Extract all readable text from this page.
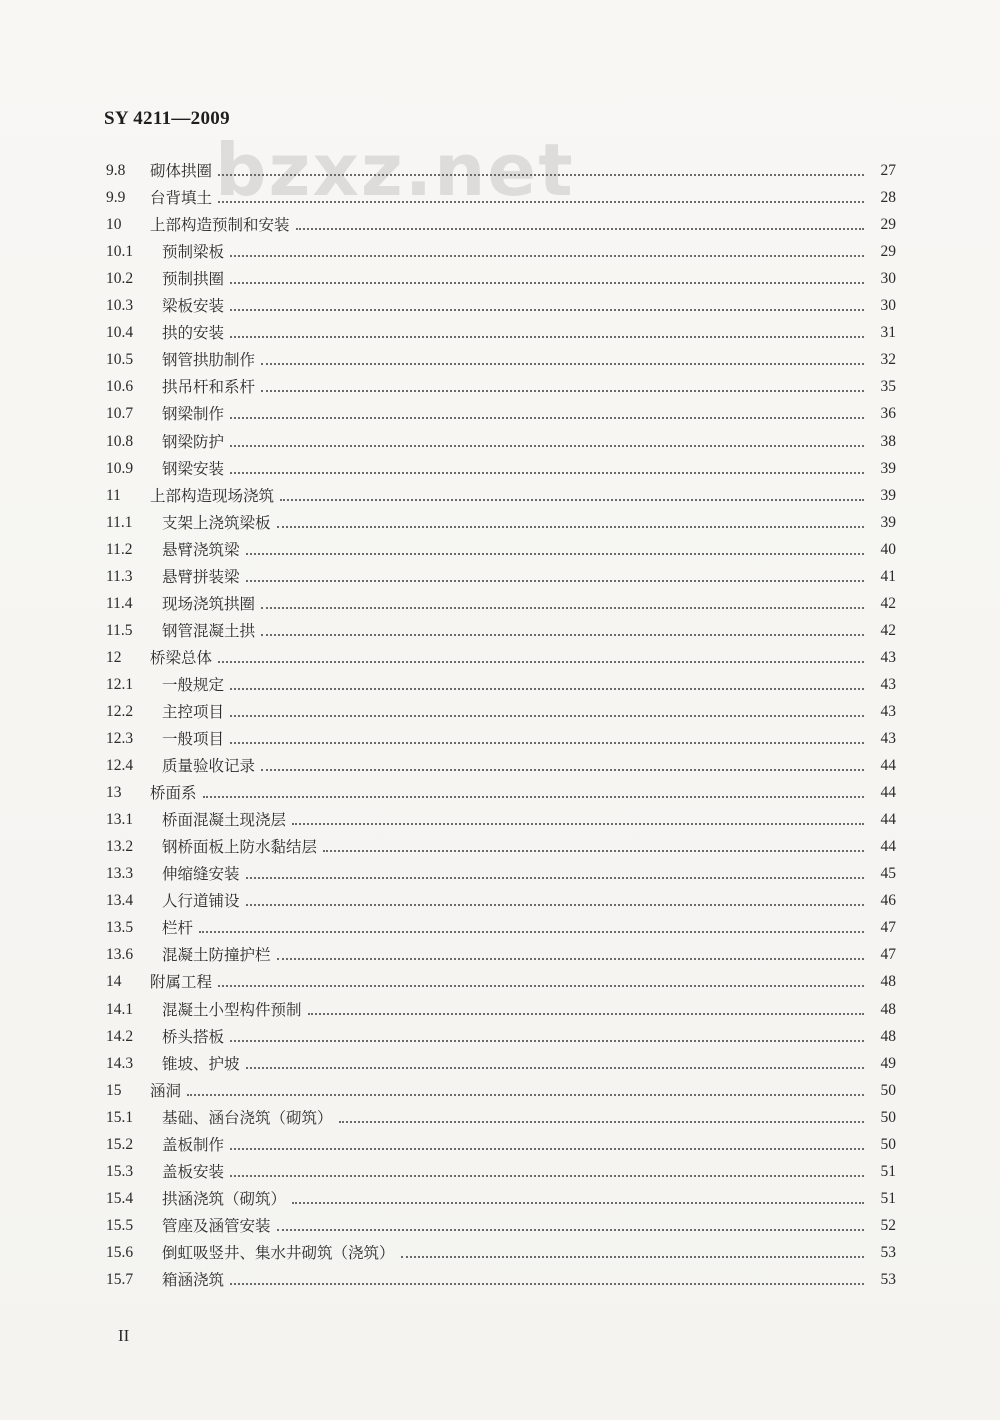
SY 4211—2009
bzxz.net
9.8	砌体拱圈	27
9.9	台背填土	28
10	上部构造预制和安装	29
10.1	预制梁板	29
10.2	预制拱圈	30
10.3	梁板安装	30
10.4	拱的安装	31
10.5	钢管拱肋制作	32
10.6	拱吊杆和系杆	35
10.7	钢梁制作	36
10.8	钢梁防护	38
10.9	钢梁安装	39
11	上部构造现场浇筑	39
11.1	支架上浇筑梁板	39
11.2	悬臂浇筑梁	40
11.3	悬臂拼装梁	41
11.4	现场浇筑拱圈	42
11.5	钢管混凝土拱	42
12	桥梁总体	43
12.1	一般规定	43
12.2	主控项目	43
12.3	一般项目	43
12.4	质量验收记录	44
13	桥面系	44
13.1	桥面混凝土现浇层	44
13.2	钢桥面板上防水黏结层	44
13.3	伸缩缝安装	45
13.4	人行道铺设	46
13.5	栏杆	47
13.6	混凝土防撞护栏	47
14	附属工程	48
14.1	混凝土小型构件预制	48
14.2	桥头搭板	48
14.3	锥坡、护坡	49
15	涵洞	50
15.1	基础、涵台浇筑（砌筑）	50
15.2	盖板制作	50
15.3	盖板安装	51
15.4	拱涵浇筑（砌筑）	51
15.5	管座及涵管安装	52
15.6	倒虹吸竖井、集水井砌筑（浇筑）	53
15.7	箱涵浇筑	53
II
